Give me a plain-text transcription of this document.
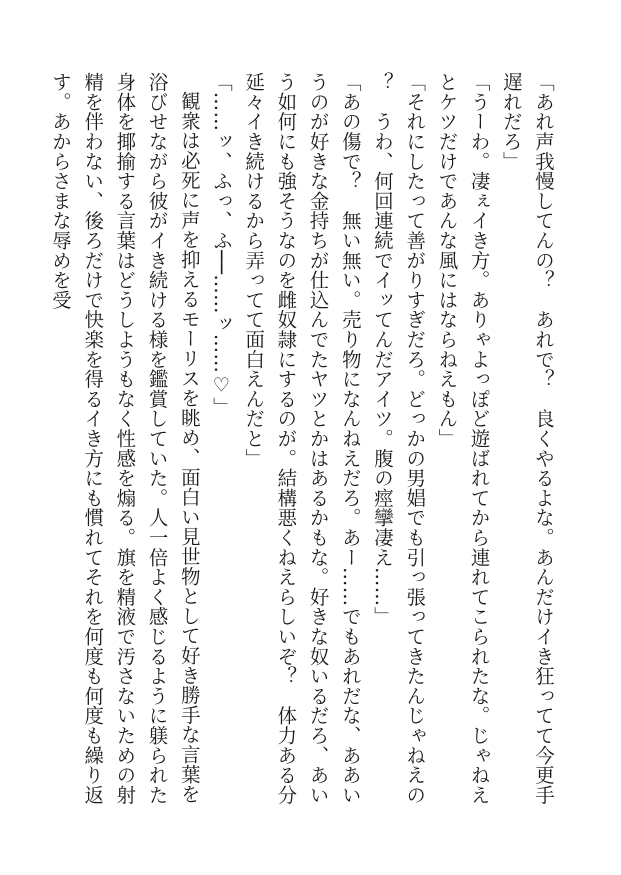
「あれ声我慢してんの？　あれで？　良くやるよな。あんだけイき狂ってて今更手遅れだろ」

「うーわ。凄ぇイき方。ありゃよっぽど遊ばれてから連れてこられたな。じゃねえとケツだけであんな風にはならねえもん」

「それにしたって善がりすぎだろ。どっかの男娼でも引っ張ってきたんじゃねえの？　うわ、何回連続でイッてんだアイツ。腹の痙攣凄え……」

「あの傷で？　無い無い。売り物になんねえだろ。あー……でもあれだな、ああいうのが好きな金持ちが仕込んでたヤツとかはあるかもな。好きな奴いるだろ、あいう如何にも強そうなのを雌奴隷にするのが。結構悪くねえらしいぞ？　体力ある分延々イき続けるから弄ってて面白えんだと」

「……ッ、ふっ、ふ──……ッ……♡」

観衆は必死に声を抑えるモーリスを眺め、面白い見世物として好き勝手な言葉を浴びせながら彼がイき続ける様を鑑賞していた。人一倍よく感じるように躾られた身体を揶揄する言葉はどうしようもなく性感を煽る。旗を精液で汚さないための射精を伴わない、後ろだけで快楽を得るイき方にも慣れてそれを何度も何度も繰り返す。あからさまな辱めを受
